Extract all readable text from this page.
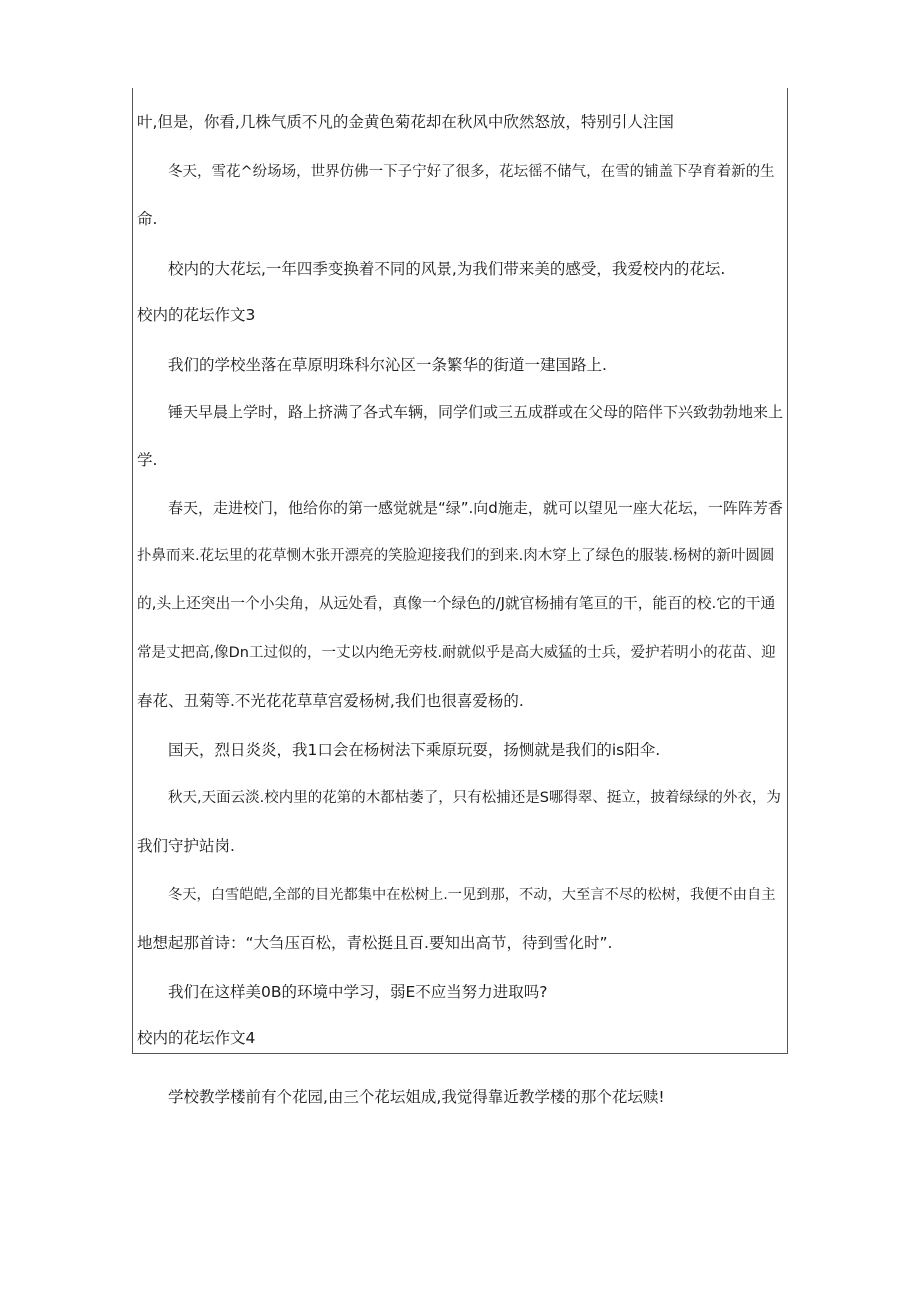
叶,但是，你看,几株气质不凡的金黄色菊花却在秋风中欣然怒放，特别引人注国
冬天，雪花^纷场场，世界仿佛一下子宁好了很多，花坛徭不储气，在雪的铺盖下孕育着新的生
命.
校内的大花坛,一年四季变换着不同的风景,为我们带来美的感受，我爱校内的花坛.
校内的花坛作文3
我们的学校坐落在草原明珠科尔沁区一条繁华的街道一建国路上.
锤天早晨上学时，路上挤满了各式车辆，同学们或三五成群或在父母的陪伴下兴致勃勃地来上
学.
春天，走进校门，他给你的第一感觉就是“绿”.向d施走，就可以望见一座大花坛，一阵阵芳香
扑鼻而来.花坛里的花草恻木张开漂亮的笑脸迎接我们的到来.肉木穿上了绿色的服装.杨树的新叶圆圆
的,头上还突出一个小尖角，从远处看，真像一个绿色的/J就官杨捕有笔亘的干，能百的校.它的干通
常是丈把高,像Dn工过似的，一丈以内绝无旁枝.耐就似乎是高大威猛的士兵，爱护若明小的花苗、迎
春花、丑菊等.不光花花草草宫爱杨树,我们也很喜爱杨的.
国天，烈日炎炎，我1口会在杨树法下乘原玩耍，扬恻就是我们的is阳伞.
秋天,天面云淡.校内里的花第的木都枯萎了，只有松捕还是S哪得翠、挺立，披着绿绿的外衣，为
我们守护站岗.
冬天，白雪皑皑,全部的目光都集中在松树上.一见到那，不动，大至言不尽的松树，我便不由自主
地想起那首诗：“大刍压百松，青松挺且百.要知出高节，待到雪化时”.
我们在这样美0B的环境中学习，弱E不应当努力进取吗?
校内的花坛作文4
学校教学楼前有个花园,由三个花坛姐成,我觉得靠近教学楼的那个花坛赎!
